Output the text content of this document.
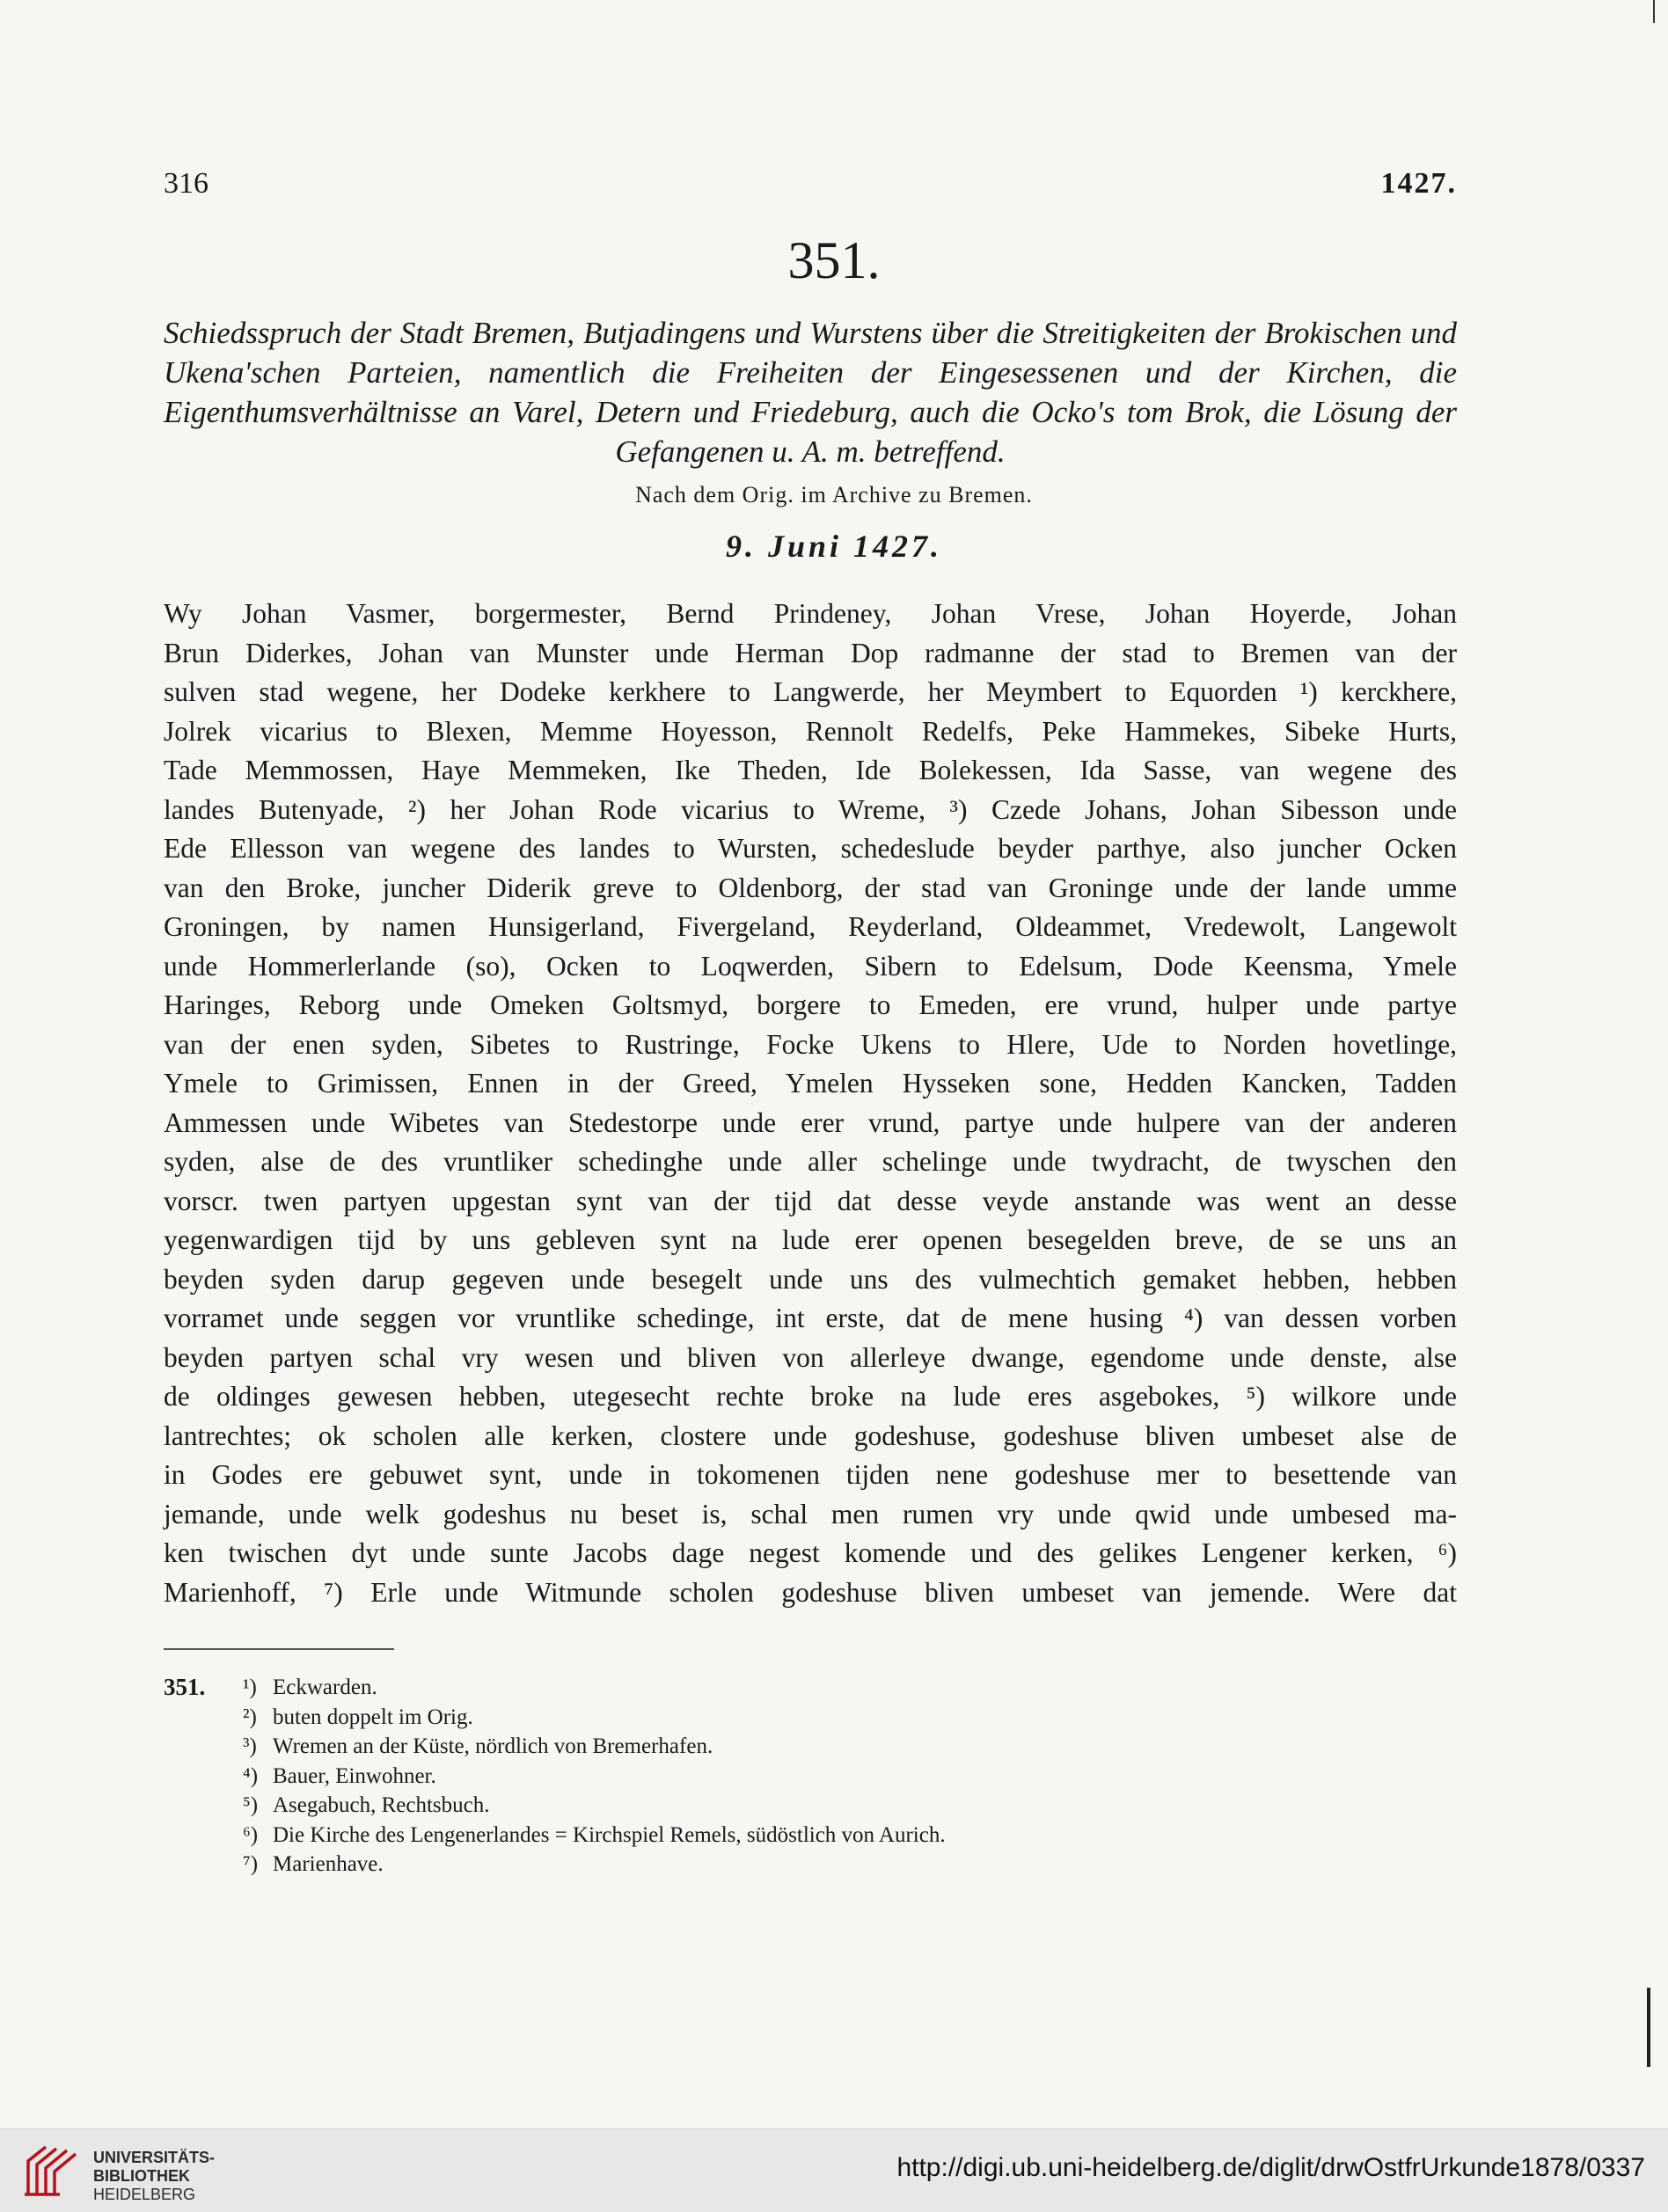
316	1427.
351.
Schiedsspruch der Stadt Bremen, Butjadingens und Wurstens über die Streitigkeiten der Brokischen und Ukena'schen Parteien, namentlich die Freiheiten der Eingesessenen und der Kirchen, die Eigenthumsverhältnisse an Varel, Detern und Friedeburg, auch die Ocko's tom Brok, die Lösung der Gefangenen u. A. m. betreffend.
Nach dem Orig. im Archive zu Bremen.
9. Juni 1427.
Wy Johan Vasmer, borgermester, Bernd Prindeney, Johan Vrese, Johan Hoyerde, Johan
Brun Diderkes, Johan van Munster unde Herman Dop radmanne der stad to Bremen van der
sulven stad wegene, her Dodeke kerkhere to Langwerde, her Meymbert to Equorden ¹) kerckhere,
Jolrek vicarius to Blexen, Memme Hoyesson, Rennolt Redelfs, Peke Hammekes, Sibeke Hurts,
Tade Memmossen, Haye Memmeken, Ike Theden, Ide Bolekessen, Ida Sasse, van wegene des
landes Butenyade, ²) her Johan Rode vicarius to Wreme, ³) Czede Johans, Johan Sibesson unde
Ede Ellesson van wegene des landes to Wursten, schedeslude beyder parthye, also juncher Ocken
van den Broke, juncher Diderik greve to Oldenborg, der stad van Groninge unde der lande umme
Groningen, by namen Hunsigerland, Fivergeland, Reyderland, Oldeammet, Vredewolt, Langewolt
unde Hommerlerlande (so), Ocken to Loqwerden, Sibern to Edelsum, Dode Keensma, Ymele
Haringes, Reborg unde Omeken Goltsmyd, borgere to Emeden, ere vrund, hulper unde partye
van der enen syden, Sibetes to Rustringe, Focke Ukens to Hlere, Ude to Norden hovetlinge,
Ymele to Grimissen, Ennen in der Greed, Ymelen Hysseken sone, Hedden Kancken, Tadden
Ammessen unde Wibetes van Stedestorpe unde erer vrund, partye unde hulpere van der anderen
syden, alse de des vruntliker schedinghe unde aller schelinge unde twydracht, de twyschen den
vorscr. twen partyen upgestan synt van der tijd dat desse veyde anstande was went an desse
yegenwardigen tijd by uns gebleven synt na lude erer openen besegelden breve, de se uns an
beyden syden darup gegeven unde besegelt unde uns des vulmechtich gemaket hebben, hebben
vorramet unde seggen vor vruntlike schedinge, int erste, dat de mene husing ⁴) van dessen vorben
beyden partyen schal vry wesen und bliven von allerleye dwange, egendome unde denste, alse
de oldinges gewesen hebben, utegesecht rechte broke na lude eres asgebokes, ⁵) wilkore unde
lantrechtes; ok scholen alle kerken, clostere unde godeshuse, godeshuse bliven umbeset alse de
in Godes ere gebuwet synt, unde in tokomenen tijden nene godeshuse mer to besettende van
jemande, unde welk godeshus nu beset is, schal men rumen vry unde qwid unde umbesed ma-
ken twischen dyt unde sunte Jacobs dage negest komende und des gelikes Lengener kerken, ⁶)
Marienhoff, ⁷) Erle unde Witmunde scholen godeshuse bliven umbeset van jemende. Were dat
351. ¹) Eckwarden.
²) buten doppelt im Orig.
³) Wremen an der Küste, nördlich von Bremerhafen.
⁴) Bauer, Einwohner.
⁵) Asegabuch, Rechtsbuch.
⁶) Die Kirche des Lengenerlandes = Kirchspiel Remels, südöstlich von Aurich.
⁷) Marienhave.
UNIVERSITÄTS-
BIBLIOTHEK
HEIDELBERG
http://digi.ub.uni-heidelberg.de/diglit/drwOstfrUrkunde1878/0337
